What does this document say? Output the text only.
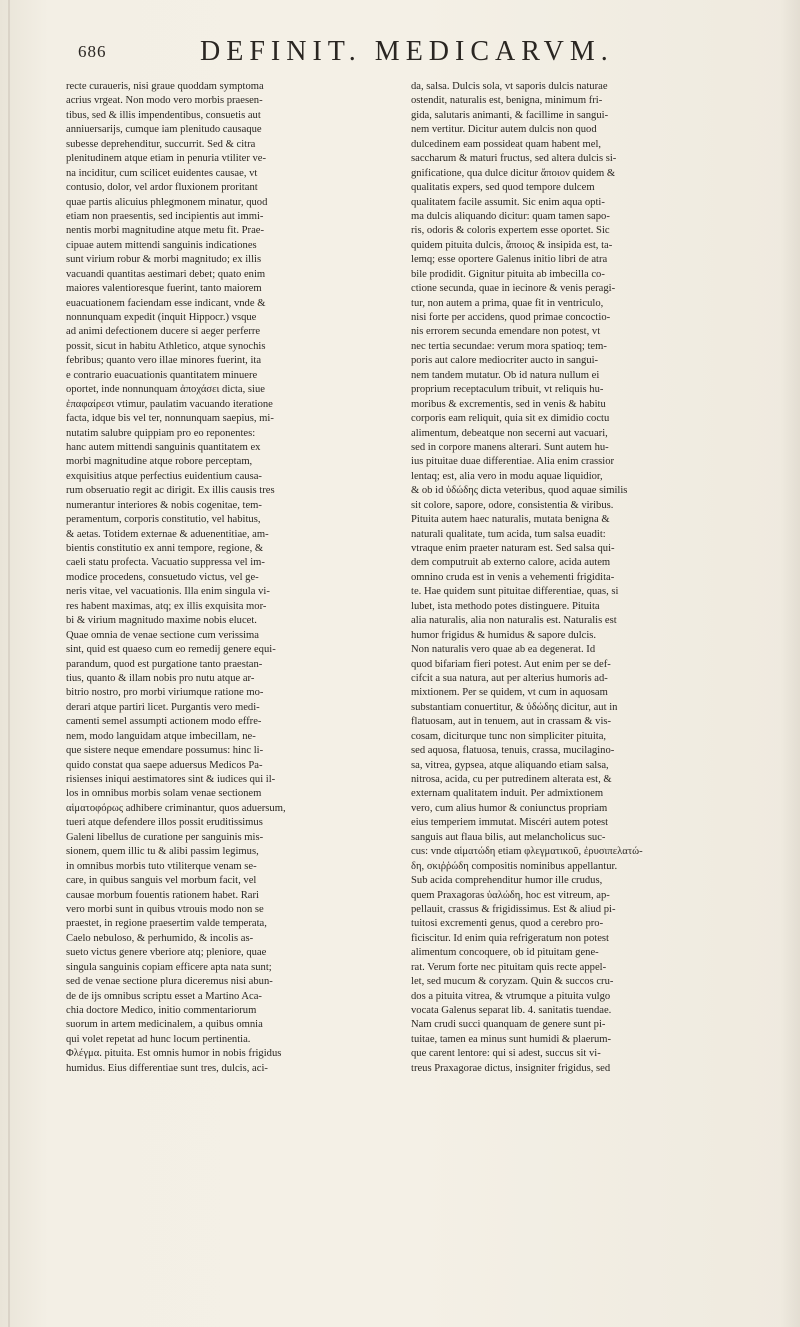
686	DEFINIT. MEDICARVM.
recte curaueris, nisi graue quoddam symptoma
acrius vrgeat. Non modo vero morbis praesen-
tibus, sed & illis impendentibus, consuetis aut
anniuersarijs, cumque iam plenitudo causaque
subesse deprehenditur, succurrit. Sed & citra
plenitudinem atque etiam in penuria vtiliter ve-
na inciditur, cum scilicet euidentes causae, vt
contusio, dolor, vel ardor fluxionem proritant
quae partis alicuius phlegmonem minatur, quod
etiam non praesentis, sed incipientis aut immi-
nentis morbi magnitudine atque metu fit. Prae-
cipuae autem mittendi sanguinis indicationes
sunt virium robur & morbi magnitudo; ex illis
vacuandi quantitas aestimari debet; quato enim
maiores valentioresque fuerint, tanto maiorem
euacuationem faciendam esse indicant, vnde &
nonnunquam expedit (inquit Hippocr.) vsque
ad animi defectionem ducere si aeger perferre
possit, sicut in habitu Athletico, atque synochis
febribus; quanto vero illae minores fuerint, ita
e contrario euacuationis quantitatem minuere
oportet, inde nonnunquam ἀποχάσει dicta, siue
ἐπαφαίρεσι vtimur, paulatim vacuando iteratione
facta, idque bis vel ter, nonnunquam saepius, mi-
nutatim salubre quippiam pro eo reponentes:
hanc autem mittendi sanguinis quantitatem ex
morbi magnitudine atque robore perceptam,
exquisitius atque perfectius euidentium causa-
rum obseruatio regit ac dirigit. Ex illis causis tres
numerantur interiores & nobis cogenitae, tem-
peramentum, corporis constitutio, vel habitus,
& aetas. Totidem externae & aduenentitiae, am-
bientis constitutio ex anni tempore, regione, &
caeli statu profecta. Vacuatio suppressa vel im-
modice procedens, consuetudo victus, vel ge-
neris vitae, vel vacuationis. Illa enim singula vi-
res habent maximas, atq; ex illis exquisita mor-
bi & virium magnitudo maxime nobis elucet.
Quae omnia de venae sectione cum verissima
sint, quid est quaeso cum eo remedij genere equi-
parandum, quod est purgatione tanto praestan-
tius, quanto & illam nobis pro nutu atque ar-
bitrio nostro, pro morbi viriumque ratione mo-
derari atque partiri licet. Purgantis vero medi-
camenti semel assumpti actionem modo effre-
nem, modo languidam atque imbecillam, ne-
que sistere neque emendare possumus: hinc li-
quido constat qua saepe aduersus Medicos Pa-
risienses iniqui aestimatores sint & iudices qui il-
los in omnibus morbis solam venae sectionem
αἱματοφόρως adhibere criminantur, quos aduersum,
tueri atque defendere illos possit eruditissimus
Galeni libellus de curatione per sanguinis mis-
sionem, quem illic tu & alibi passim legimus,
in omnibus morbis tuto vtiliterque venam se-
care, in quibus sanguis vel morbum facit, vel
causae morbum fouentis rationem habet. Rari
vero morbi sunt in quibus vtrouis modo non se
praestet, in regione praesertim valde temperata,
Caelo nebuloso, & perhumido, & incolis as-
sueto victus genere vberiore atq; pleniore, quae
singula sanguinis copiam efficere apta nata sunt;
sed de venae sectione plura diceremus nisi abun-
de de ijs omnibus scriptu esset a Martino Aca-
chia doctore Medico, initio commentariorum
suorum in artem medicinalem, a quibus omnia
qui volet repetat ad hunc locum pertinentia.
Φλέγμα. pituita. Est omnis humor in nobis frigidus
humidus. Eius differentiae sunt tres, dulcis, aci-
da, salsa. Dulcis sola, vt saporis dulcis naturae
ostendit, naturalis est, benigna, minimum fri-
gida, salutaris animanti, & facillime in sangui-
nem vertitur. Dicitur autem dulcis non quod
dulcedinem eam possideat quam habent mel,
saccharum & maturi fructus, sed altera dulcis si-
gnificatione, qua dulce dicitur ἄποιον quidem &
qualitatis expers, sed quod tempore dulcem
qualitatem facile assumit. Sic enim aqua opti-
ma dulcis aliquando dicitur: quam tamen sapo-
ris, odoris & coloris expertem esse oportet. Sic
quidem pituita dulcis, ἄποιος & insipida est, ta-
lemq; esse oportere Galenus initio libri de atra
bile prodidit. Gignitur pituita ab imbecilla co-
ctione secunda, quae in iecinore & venis peragi-
tur, non autem a prima, quae fit in ventriculo,
nisi forte per accidens, quod primae concoctio-
nis errorem secunda emendare non potest, vt
nec tertia secundae: verum mora spatioq; tem-
poris aut calore mediocriter aucto in sangui-
nem tandem mutatur. Ob id natura nullum ei
proprium receptaculum tribuit, vt reliquis hu-
moribus & excrementis, sed in venis & habitu
corporis eam reliquit, quia sit ex dimidio coctu
alimentum, debeatque non secerni aut vacuari,
sed in corpore manens alterari. Sunt autem hu-
ius pituitae duae differentiae. Alia enim crassior
lentaq; est, alia vero in modu aquae liquidior,
& ob id ὑδώδης dicta veteribus, quod aquae similis
sit colore, sapore, odore, consistentia & viribus.
Pituita autem haec naturalis, mutata benigna &
naturali qualitate, tum acida, tum salsa euadit:
vtraque enim praeter naturam est. Sed salsa qui-
dem computruit ab externo calore, acida autem
omnino cruda est in venis a vehementi frigidita-
te. Hae quidem sunt pituitae differentiae, quas, si
lubet, ista methodo potes distinguere. Pituita
alia naturalis, alia non naturalis est. Naturalis est
humor frigidus & humidus & sapore dulcis.
Non naturalis vero quae ab ea degenerat. Id
quod bifariam fieri potest. Aut enim per se def-
cifcit a sua natura, aut per alterius humoris ad-
mixtionem. Per se quidem, vt cum in aquosam
substantiam conuertitur, & ὑδώδης dicitur, aut in
flatuosam, aut in tenuem, aut in crassam & vis-
cosam, diciturque tunc non simpliciter pituita,
sed aquosa, flatuosa, tenuis, crassa, mucilagino-
sa, vitrea, gypsea, atque aliquando etiam salsa,
nitrosa, acida, cu per putredinem alterata est, &
externam qualitatem induit. Per admixtionem
vero, cum alius humor & coniunctus propriam
eius temperiem immutat. Miscéri autem potest
sanguis aut flaua bilis, aut melancholicus suc-
cus: vnde αἱματώδη etiam φλεγματικοῦ, ἐρυσιπελατώ-
δη, σκιῤῥώδη compositis nominibus appellantur.
Sub acida comprehenditur humor ille crudus,
quem Praxagoras ὑαλώδη, hoc est vitreum, ap-
pellauit, crassus & frigidissimus. Est & aliud pi-
tuitosi excrementi genus, quod a cerebro pro-
ficiscitur. Id enim quia refrigeratum non potest
alimentum concoquere, ob id pituitam gene-
rat. Verum forte nec pituitam quis recte appel-
let, sed mucum & coryzam. Quin & succos cru-
dos a pituita vitrea, & vtrumque a pituita vulgo
vocata Galenus separat lib. 4. sanitatis tuendae.
Nam crudi succi quanquam de genere sunt pi-
tuitae, tamen ea minus sunt humidi & plaerum-
que carent lentore: qui si adest, succus sit vi-
treus Praxagorae dictus, insigniter frigidus, sed
